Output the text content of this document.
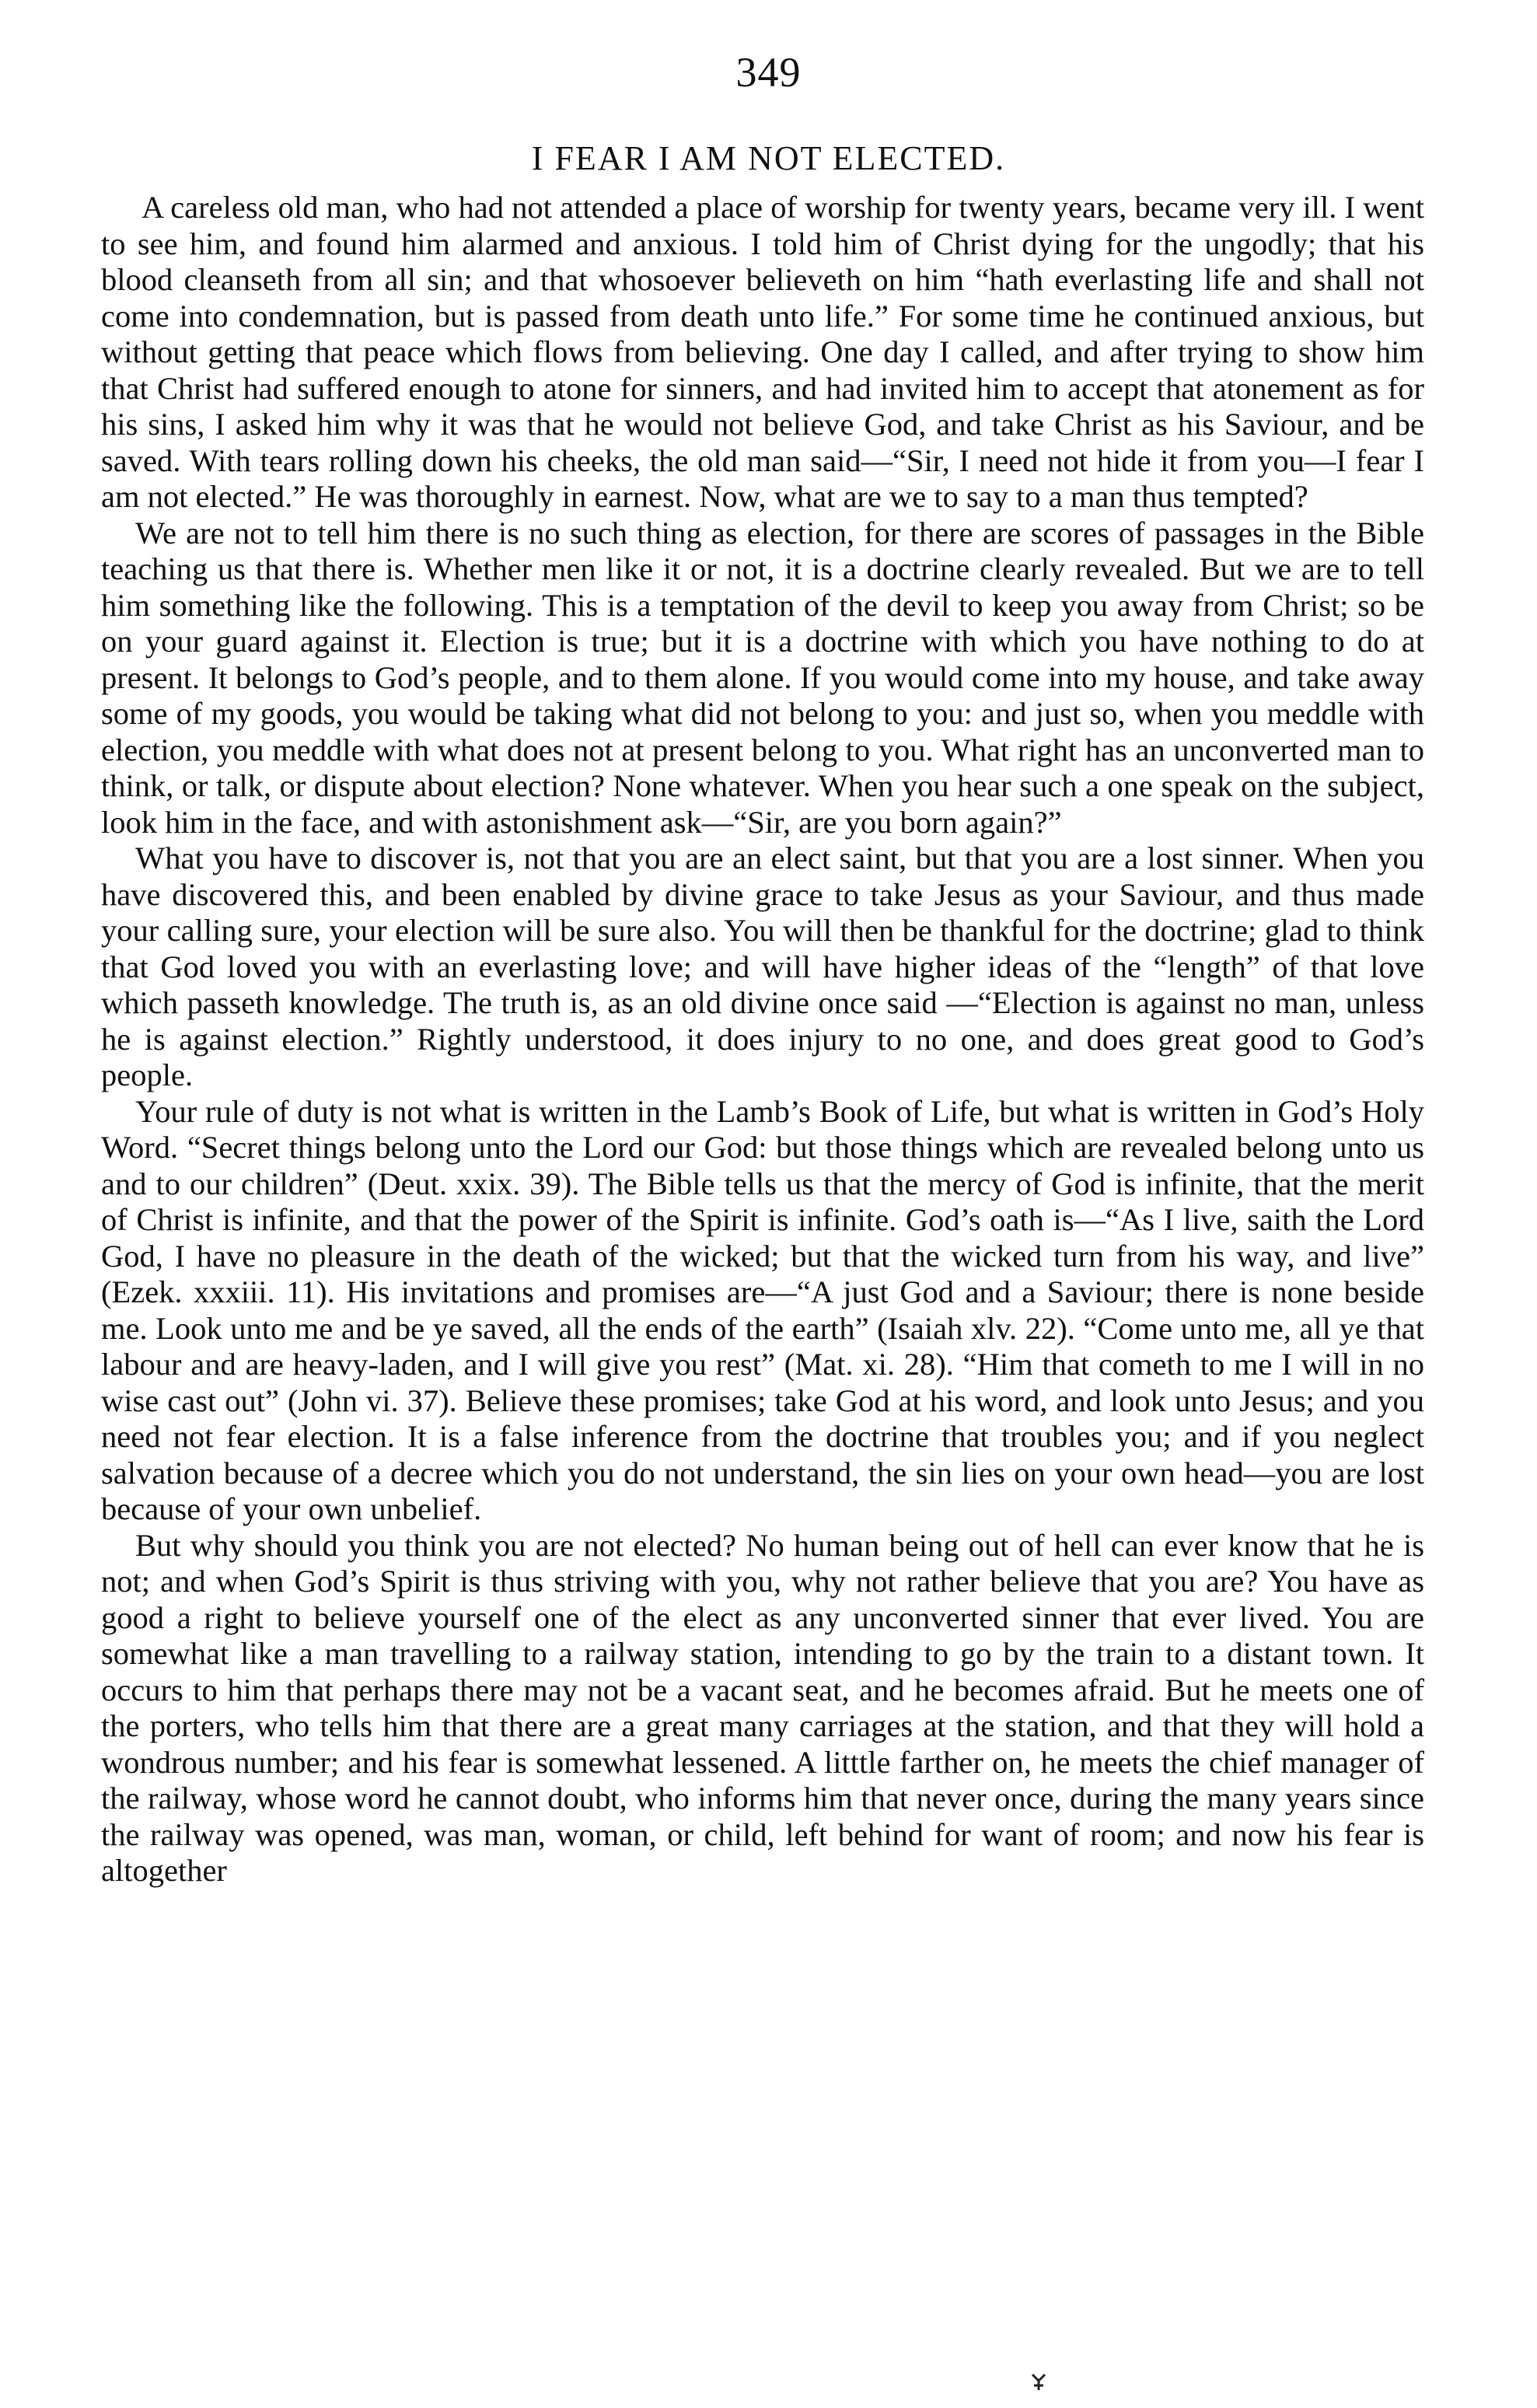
349
I FEAR I AM NOT ELECTED.

A careless old man, who had not attended a place of worship for twenty years, became very ill. I went to see him, and found him alarmed and anxious. I told him of Christ dying for the ungodly; that his blood cleanseth from all sin; and that whosoever believeth on him “hath everlasting life and shall not come into condemnation, but is passed from death unto life.” For some time he continued anxious, but without getting that peace which flows from believing. One day I called, and after trying to show him that Christ had suffered enough to atone for sinners, and had invited him to accept that atonement as for his sins, I asked him why it was that he would not believe God, and take Christ as his Saviour, and be saved. With tears rolling down his cheeks, the old man said—“Sir, I need not hide it from you—I fear I am not elected.” He was thoroughly in earnest. Now, what are we to say to a man thus tempted?

We are not to tell him there is no such thing as election, for there are scores of passages in the Bible teaching us that there is. Whether men like it or not, it is a doctrine clearly revealed. But we are to tell him something like the following. This is a temptation of the devil to keep you away from Christ; so be on your guard against it. Election is true; but it is a doctrine with which you have nothing to do at present. It belongs to God’s people, and to them alone. If you would come into my house, and take away some of my goods, you would be taking what did not belong to you: and just so, when you meddle with election, you meddle with what does not at present belong to you. What right has an unconverted man to think, or talk, or dispute about election? None whatever. When you hear such a one speak on the subject, look him in the face, and with astonishment ask—“Sir, are you born again?”

What you have to discover is, not that you are an elect saint, but that you are a lost sinner. When you have discovered this, and been enabled by divine grace to take Jesus as your Saviour, and thus made your calling sure, your election will be sure also. You will then be thankful for the doctrine; glad to think that God loved you with an everlasting love; and will have higher ideas of the “length” of that love which passeth knowledge. The truth is, as an old divine once said —“Election is against no man, unless he is against election.” Rightly understood, it does injury to no one, and does great good to God’s people.

Your rule of duty is not what is written in the Lamb’s Book of Life, but what is written in God’s Holy Word. “Secret things belong unto the Lord our God: but those things which are revealed belong unto us and to our children” (Deut. xxix. 39). The Bible tells us that the mercy of God is infinite, that the merit of Christ is infinite, and that the power of the Spirit is infinite. God’s oath is—“As I live, saith the Lord God, I have no pleasure in the death of the wicked; but that the wicked turn from his way, and live” (Ezek. xxxiii. 11). His invitations and promises are—“A just God and a Saviour; there is none beside me. Look unto me and be ye saved, all the ends of the earth” (Isaiah xlv. 22). “Come unto me, all ye that labour and are heavy-laden, and I will give you rest” (Mat. xi. 28). “Him that cometh to me I will in no wise cast out” (John vi. 37). Believe these promises; take God at his word, and look unto Jesus; and you need not fear election. It is a false inference from the doctrine that troubles you; and if you neglect salvation because of a decree which you do not understand, the sin lies on your own head—you are lost because of your own unbelief.

But why should you think you are not elected? No human being out of hell can ever know that he is not; and when God’s Spirit is thus striving with you, why not rather believe that you are? You have as good a right to believe yourself one of the elect as any unconverted sinner that ever lived. You are somewhat like a man travelling to a railway station, intending to go by the train to a distant town. It occurs to him that perhaps there may not be a vacant seat, and he becomes afraid. But he meets one of the porters, who tells him that there are a great many carriages at the station, and that they will hold a wondrous number; and his fear is somewhat lessened. A litttle farther on, he meets the chief manager of the railway, whose word he cannot doubt, who informs him that never once, during the many years since the railway was opened, was man, woman, or child, left behind for want of room; and now his fear is altogether
